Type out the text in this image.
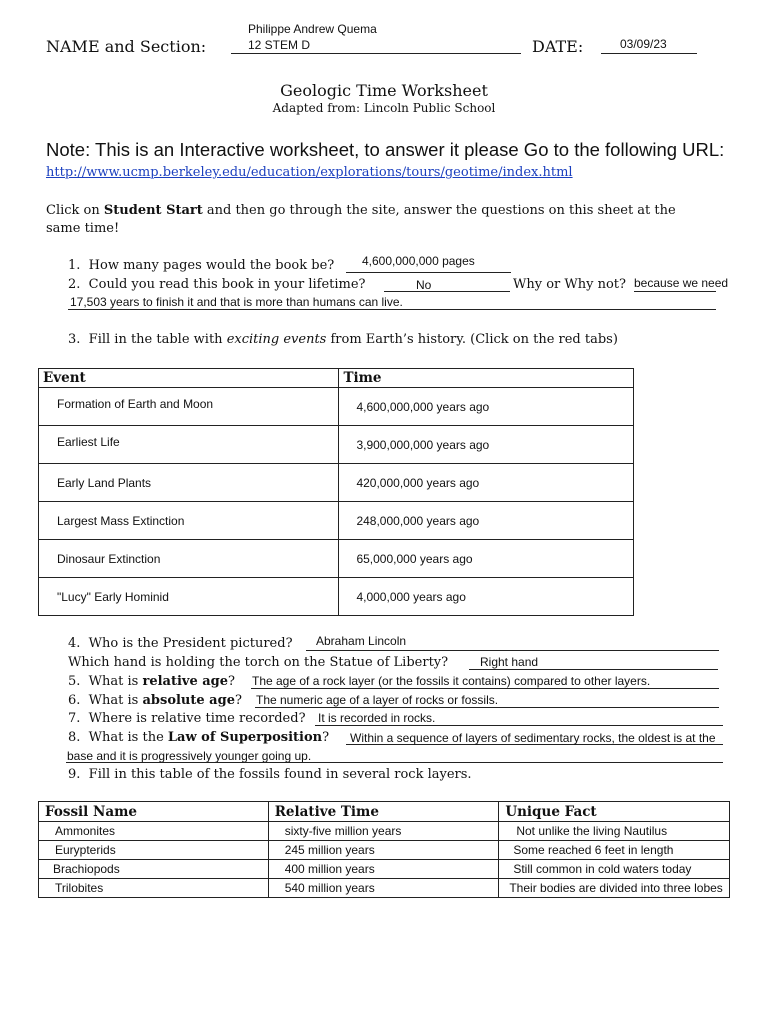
Philippe Andrew Quema
NAME and Section:	12 STEM D	DATE:	03/09/23
Geologic Time Worksheet
Adapted from: Lincoln Public School
Note: This is an Interactive worksheet, to answer it please Go to the following URL:
http://www.ucmp.berkeley.edu/education/explorations/tours/geotime/index.html
Click on Student Start and then go through the site, answer the questions on this sheet at the
same time!
1. How many pages would the book be? 4,600,000,000 pages
2. Could you read this book in your lifetime?	No	Why or Why not? because we need
17,503 years to finish it and that is more than humans can live.
3. Fill in the table with exciting events from Earth’s history. (Click on the red tabs)
Event	Time
Formation of Earth and Moon	4,600,000,000 years ago
Earliest Life	3,900,000,000 years ago
Early Land Plants	420,000,000 years ago
Largest Mass Extinction	248,000,000 years ago
Dinosaur Extinction	65,000,000 years ago
"Lucy" Early Hominid	4,000,000 years ago
4. Who is the President pictured? Abraham Lincoln
Which hand is holding the torch on the Statue of Liberty?	Right hand
5. What is relative age? The age of a rock layer (or the fossils it contains) compared to other layers.
6. What is absolute age? The numeric age of a layer of rocks or fossils.
7. Where is relative time recorded? It is recorded in rocks.
8. What is the Law of Superposition? Within a sequence of layers of sedimentary rocks, the oldest is at the
base and it is progressively younger going up.
9. Fill in this table of the fossils found in several rock layers.
Fossil Name	Relative Time	Unique Fact
Ammonites	sixty-five million years	Not unlike the living Nautilus
Eurypterids	245 million years	Some reached 6 feet in length
Brachiopods	400 million years	Still common in cold waters today
Trilobites	540 million years	Their bodies are divided into three lobes
